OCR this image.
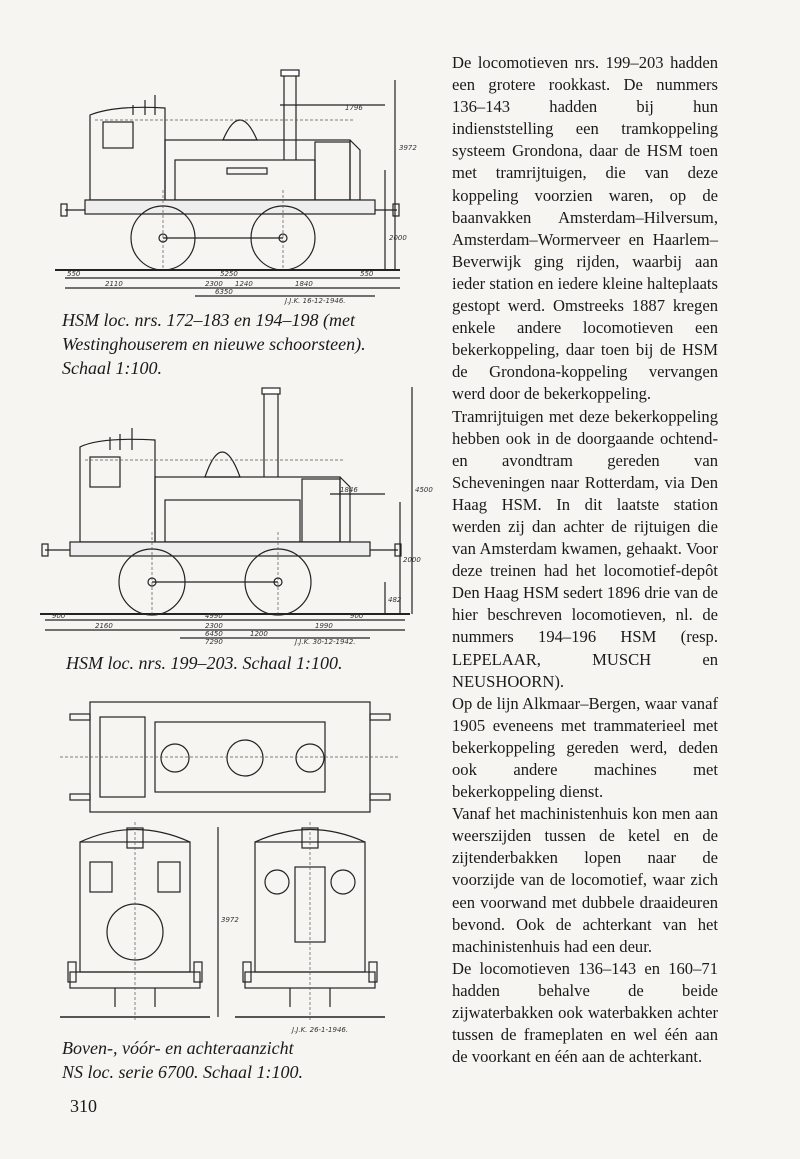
1796
3972
2000
550
2110
5250
2300 1240	1840
550
6350
J.J.K. 16-12-1946.
HSM loc. nrs. 172–183 en 194–198 (met
Westinghouserem en nieuwe schoorsteen).
Schaal 1:100.
1846	4500
2000
482
900	4990	900
2160	2300	1990
6450	1200
7290	J.J.K. 30-12-1942.
HSM loc. nrs. 199–203. Schaal 1:100.
3972
J.J.K. 26-1-1946.
Boven-, vóór- en achteraanzicht
NS loc. serie 6700. Schaal 1:100.

De locomotieven nrs. 199–203 hadden een grotere rookkast. De nummers 136–143 hadden bij hun indienststelling een tramkoppeling systeem Grondona, daar de HSM toen met tramrijtuigen, die van deze koppeling voorzien waren, op de baanvakken Amsterdam–Hilversum, Amsterdam–Wormerveer en Haarlem–Beverwijk ging rijden, waarbij aan ieder station en iedere kleine halteplaats gestopt werd. Omstreeks 1887 kregen enkele andere locomotieven een bekerkoppeling, daar toen bij de HSM de Grondona-koppeling vervangen werd door de bekerkoppeling.

Tramrijtuigen met deze bekerkoppeling hebben ook in de doorgaande ochtend- en avondtram gereden van Scheveningen naar Rotterdam, via Den Haag HSM. In dit laatste station werden zij dan achter de rijtuigen die van Amsterdam kwamen, gehaakt. Voor deze treinen had het locomotief-depôt Den Haag HSM sedert 1896 drie van de hier beschreven locomotieven, nl. de nummers 194–196 HSM (resp. LEPELAAR, MUSCH en NEUSHOORN).

Op de lijn Alkmaar–Bergen, waar vanaf 1905 eveneens met trammaterieel met bekerkoppeling gereden werd, deden ook andere machines met bekerkoppeling dienst.

Vanaf het machinistenhuis kon men aan weerszijden tussen de ketel en de zijtenderbakken lopen naar de voorzijde van de locomotief, waar zich een voorwand met dubbele draaideuren bevond. Ook de achterkant van het machinistenhuis had een deur.

De locomotieven 136–143 en 160–71 hadden behalve de beide zijwaterbakken ook waterbakken achter tussen de frameplaten en wel één aan de voorkant en één aan de achterkant.

310
